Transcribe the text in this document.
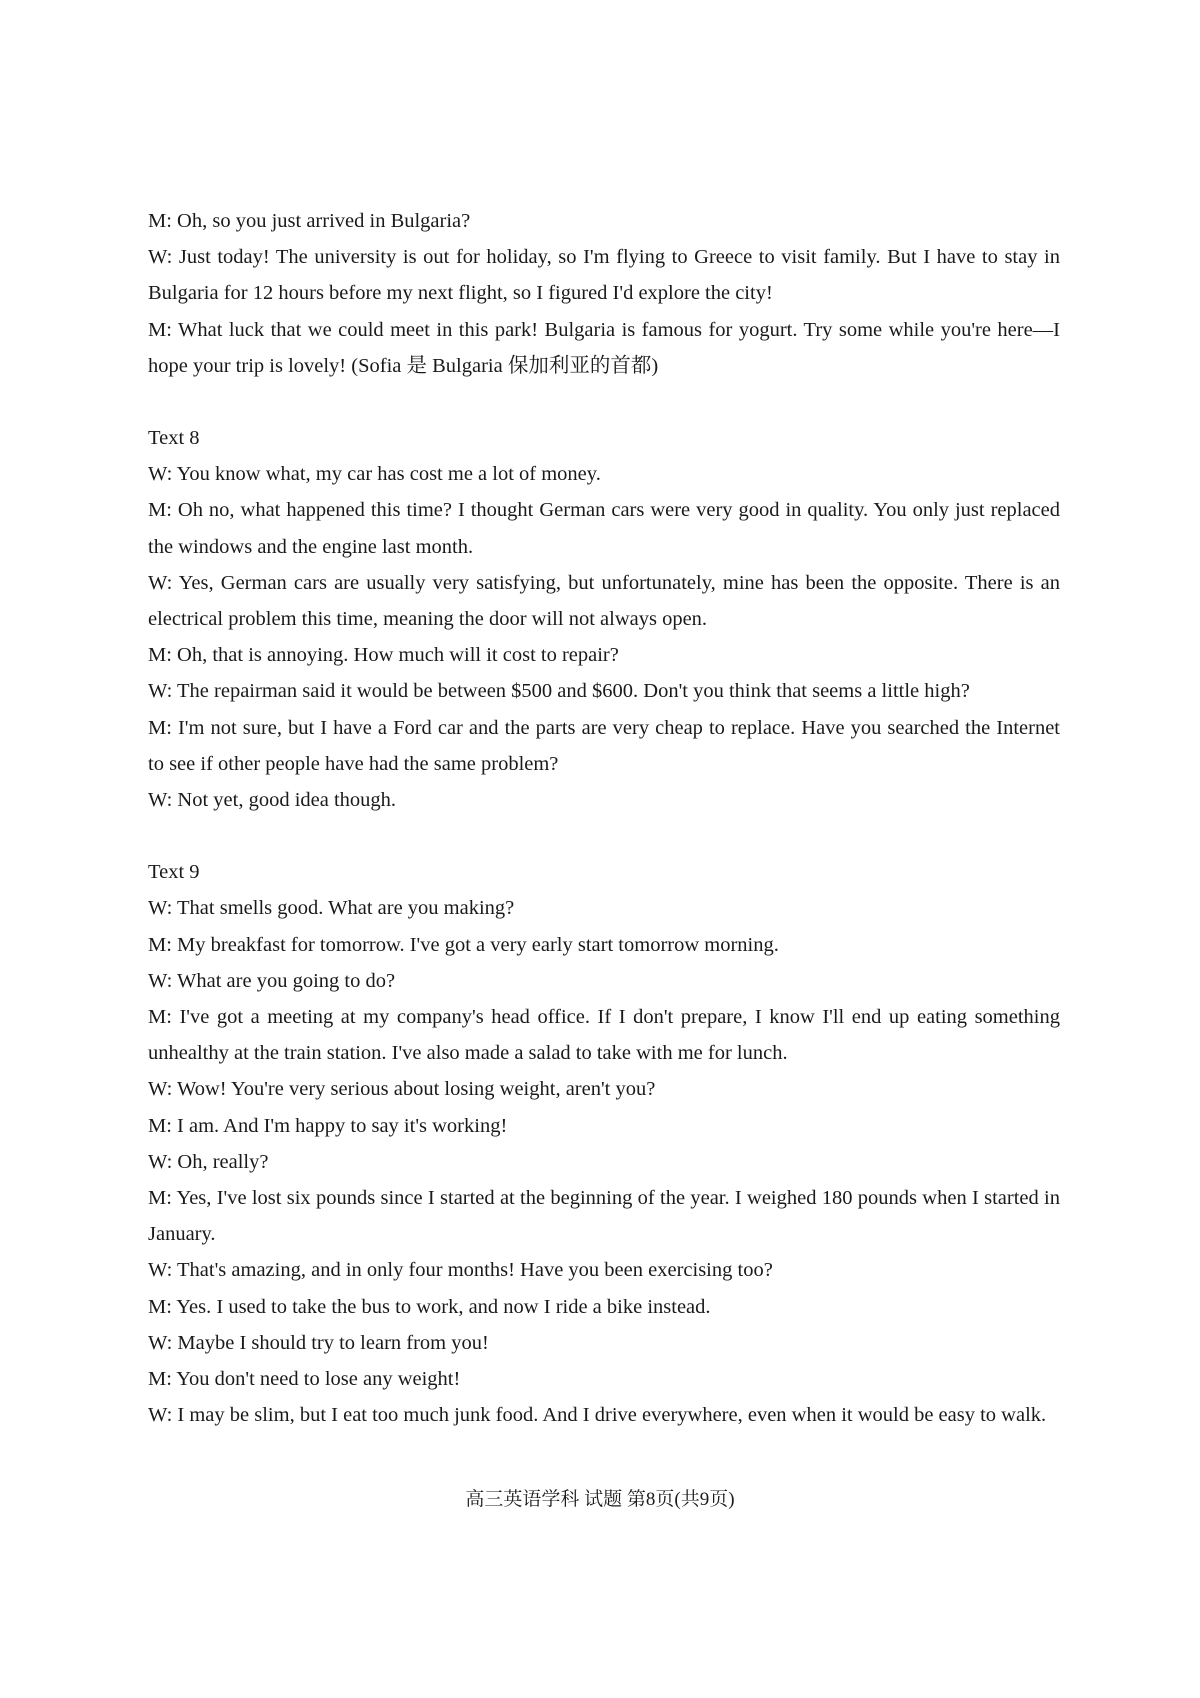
M: Oh, so you just arrived in Bulgaria?

W: Just today! The university is out for holiday, so I'm flying to Greece to visit family. But I have to stay in Bulgaria for 12 hours before my next flight, so I figured I'd explore the city!

M: What luck that we could meet in this park! Bulgaria is famous for yogurt. Try some while you're here—I hope your trip is lovely! (Sofia 是 Bulgaria 保加利亚的首都)

Text 8

W: You know what, my car has cost me a lot of money.

M: Oh no, what happened this time? I thought German cars were very good in quality. You only just replaced the windows and the engine last month.

W: Yes, German cars are usually very satisfying, but unfortunately, mine has been the opposite. There is an electrical problem this time, meaning the door will not always open.

M: Oh, that is annoying. How much will it cost to repair?

W: The repairman said it would be between $500 and $600. Don't you think that seems a little high?

M: I'm not sure, but I have a Ford car and the parts are very cheap to replace. Have you searched the Internet to see if other people have had the same problem?

W: Not yet, good idea though.

Text 9

W: That smells good. What are you making?

M: My breakfast for tomorrow. I've got a very early start tomorrow morning.

W: What are you going to do?

M: I've got a meeting at my company's head office. If I don't prepare, I know I'll end up eating something unhealthy at the train station. I've also made a salad to take with me for lunch.

W: Wow! You're very serious about losing weight, aren't you?

M: I am. And I'm happy to say it's working!

W: Oh, really?

M: Yes, I've lost six pounds since I started at the beginning of the year. I weighed 180 pounds when I started in January.

W: That's amazing, and in only four months! Have you been exercising too?

M: Yes. I used to take the bus to work, and now I ride a bike instead.

W: Maybe I should try to learn from you!

M: You don't need to lose any weight!

W: I may be slim, but I eat too much junk food. And I drive everywhere, even when it would be easy to walk.

高三英语学科 试题 第8页(共9页)
